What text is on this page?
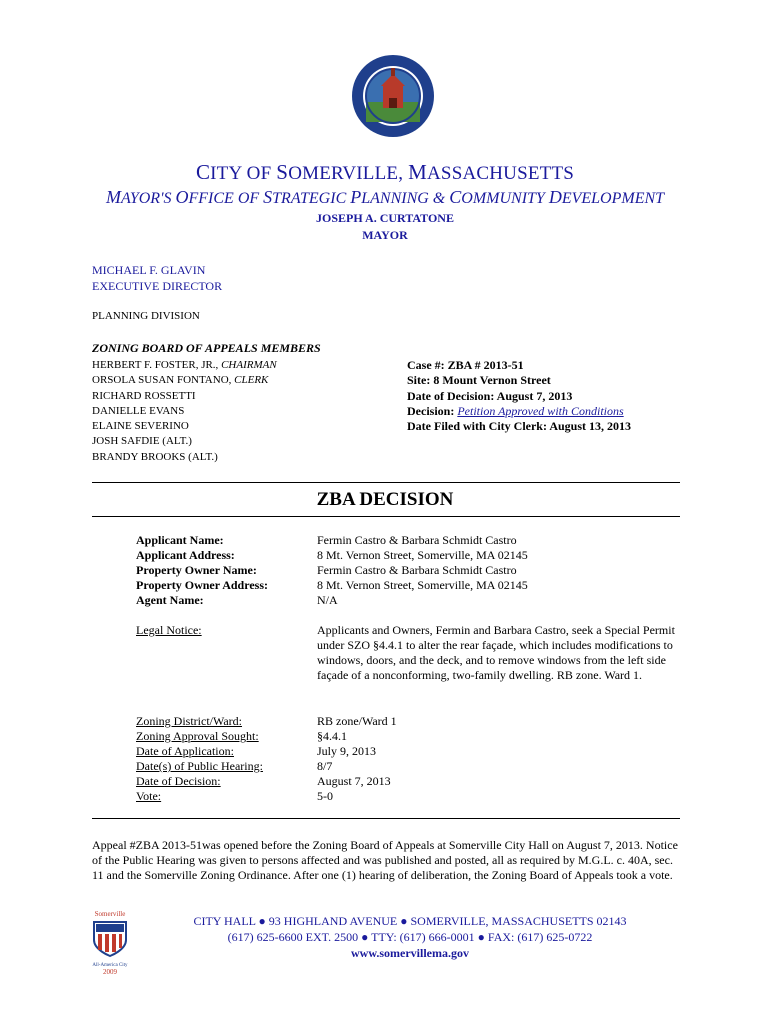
CITY OF SOMERVILLE, MASSACHUSETTS
MAYOR'S OFFICE OF STRATEGIC PLANNING & COMMUNITY DEVELOPMENT
JOSEPH A. CURTATONE
MAYOR
MICHAEL F. GLAVIN
EXECUTIVE DIRECTOR
PLANNING DIVISION
ZONING BOARD OF APPEALS MEMBERS
HERBERT F. FOSTER, JR., CHAIRMAN
ORSOLA SUSAN FONTANO, CLERK
RICHARD ROSSETTI
DANIELLE EVANS
ELAINE SEVERINO
JOSH SAFDIE (ALT.)
BRANDY BROOKS (ALT.)
Case #: ZBA # 2013-51
Site: 8 Mount Vernon Street
Date of Decision: August 7, 2013
Decision: Petition Approved with Conditions
Date Filed with City Clerk: August 13, 2013
ZBA DECISION
Applicant Name:
Applicant Address:
Property Owner Name:
Property Owner Address:
Agent Name:
Fermin Castro & Barbara Schmidt Castro
8 Mt. Vernon Street, Somerville, MA 02145
Fermin Castro & Barbara Schmidt Castro
8 Mt. Vernon Street, Somerville, MA 02145
N/A
Legal Notice:	Applicants and Owners, Fermin and Barbara Castro, seek a Special Permit under SZO §4.4.1 to alter the rear façade, which includes modifications to windows, doors, and the deck, and to remove windows from the left side façade of a nonconforming, two-family dwelling. RB zone. Ward 1.
Zoning District/Ward:
Zoning Approval Sought:
Date of Application:
Date(s) of Public Hearing:
Date of Decision:
Vote:
RB zone/Ward 1
§4.4.1
July 9, 2013
8/7
August 7, 2013
5-0
Appeal #ZBA 2013-51was opened before the Zoning Board of Appeals at Somerville City Hall on August 7, 2013. Notice of the Public Hearing was given to persons affected and was published and posted, all as required by M.G.L. c. 40A, sec. 11 and the Somerville Zoning Ordinance. After one (1) hearing of deliberation, the Zoning Board of Appeals took a vote.
Somerville
All-America City
2009
CITY HALL ● 93 HIGHLAND AVENUE ● SOMERVILLE, MASSACHUSETTS 02143
(617) 625-6600 EXT. 2500 ● TTY: (617) 666-0001 ● FAX: (617) 625-0722
www.somervillema.gov
